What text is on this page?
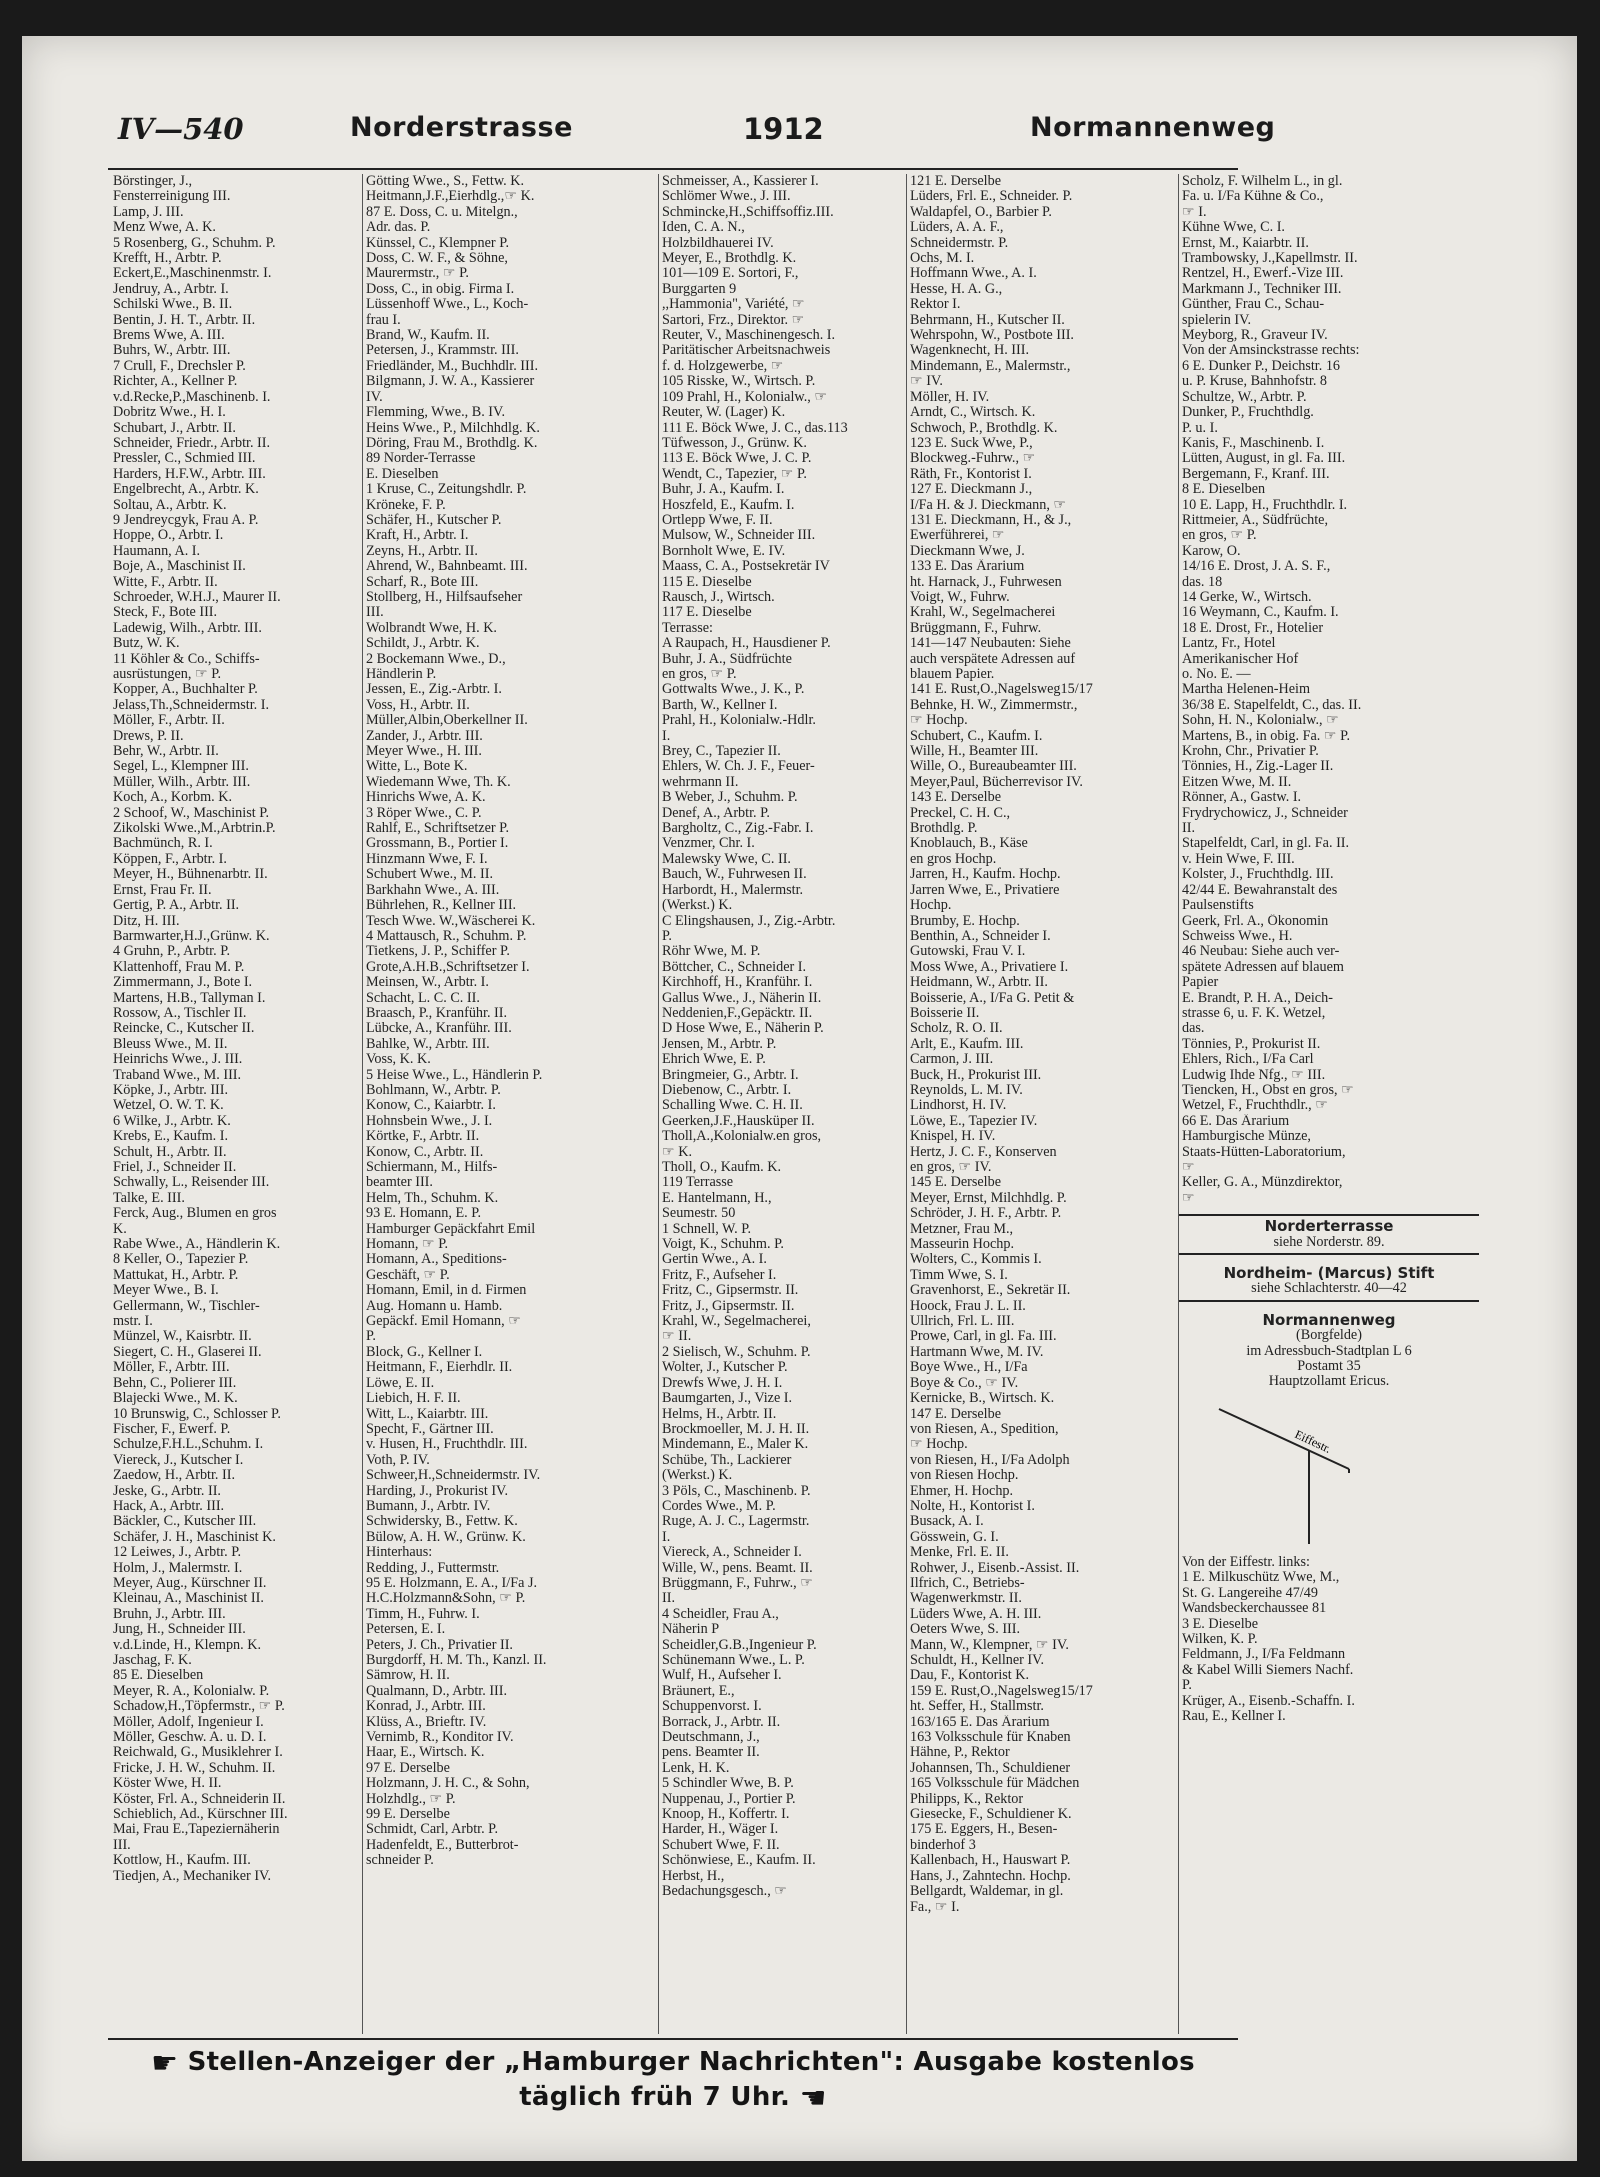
IV—540	Norderstrasse	1912	Normannenweg
Börstinger, J.,
Fensterreinigung III.
Lamp, J. III.
Menz Wwe, A. K.
5 Rosenberg, G., Schuhm. P.
Krefft, H., Arbtr. P.
Eckert,E.,Maschinenmstr. I.
Jendruy, A., Arbtr. I.
Schilski Wwe., B. II.
Bentin, J. H. T., Arbtr. II.
Brems Wwe, A. III.
Buhrs, W., Arbtr. III.
7 Crull, F., Drechsler P.
Richter, A., Kellner P.
v.d.Recke,P.,Maschinenb. I.
Dobritz Wwe., H. I.
Schubart, J., Arbtr. II.
Schneider, Friedr., Arbtr. II.
Pressler, C., Schmied III.
Harders, H.F.W., Arbtr. III.
Engelbrecht, A., Arbtr. K.
Soltau, A., Arbtr. K.
9 Jendreycgyk, Frau A. P.
Hoppe, O., Arbtr. I.
Haumann, A. I.
Boje, A., Maschinist II.
Witte, F., Arbtr. II.
Schroeder, W.H.J., Maurer II.
Steck, F., Bote III.
Ladewig, Wilh., Arbtr. III.
Butz, W. K.
11 Köhler & Co., Schiffs-
ausrüstungen, ☞ P.
Kopper, A., Buchhalter P.
Jelass,Th.,Schneidermstr. I.
Möller, F., Arbtr. II.
Drews, P. II.
Behr, W., Arbtr. II.
Segel, L., Klempner III.
Müller, Wilh., Arbtr. III.
Koch, A., Korbm. K.
2 Schoof, W., Maschinist P.
Zikolski Wwe.,M.,Arbtrin.P.
Bachmünch, R. I.
Köppen, F., Arbtr. I.
Meyer, H., Bühnenarbtr. II.
Ernst, Frau Fr. II.
Gertig, P. A., Arbtr. II.
Ditz, H. III.
Barmwarter,H.J.,Grünw. K.
4 Gruhn, P., Arbtr. P.
Klattenhoff, Frau M. P.
Zimmermann, J., Bote I.
Martens, H.B., Tallyman I.
Rossow, A., Tischler II.
Reincke, C., Kutscher II.
Bleuss Wwe., M. II.
Heinrichs Wwe., J. III.
Traband Wwe., M. III.
Köpke, J., Arbtr. III.
Wetzel, O. W. T. K.
6 Wilke, J., Arbtr. K.
Krebs, E., Kaufm. I.
Schult, H., Arbtr. II.
Friel, J., Schneider II.
Schwally, L., Reisender III.
Talke, E. III.
Ferck, Aug., Blumen en gros
K.
Rabe Wwe., A., Händlerin K.
8 Keller, O., Tapezier P.
Mattukat, H., Arbtr. P.
Meyer Wwe., B. I.
Gellermann, W., Tischler-
mstr. I.
Münzel, W., Kaisrbtr. II.
Siegert, C. H., Glaserei II.
Möller, F., Arbtr. III.
Behn, C., Polierer III.
Blajecki Wwe., M. K.
10 Brunswig, C., Schlosser P.
Fischer, F., Ewerf. P.
Schulze,F.H.L.,Schuhm. I.
Viereck, J., Kutscher I.
Zaedow, H., Arbtr. II.
Jeske, G., Arbtr. II.
Hack, A., Arbtr. III.
Bäckler, C., Kutscher III.
Schäfer, J. H., Maschinist K.
12 Leiwes, J., Arbtr. P.
Holm, J., Malermstr. I.
Meyer, Aug., Kürschner II.
Kleinau, A., Maschinist II.
Bruhn, J., Arbtr. III.
Jung, H., Schneider III.
v.d.Linde, H., Klempn. K.
Jaschag, F. K.
85 E. Dieselben
Meyer, R. A., Kolonialw. P.
Schadow,H.,Töpfermstr., ☞ P.
Möller, Adolf, Ingenieur I.
Möller, Geschw. A. u. D. I.
Reichwald, G., Musiklehrer I.
Fricke, J. H. W., Schuhm. II.
Köster Wwe, H. II.
Köster, Frl. A., Schneiderin II.
Schieblich, Ad., Kürschner III.
Mai, Frau E.,Tapeziernäherin
III.
Kottlow, H., Kaufm. III.
Tiedjen, A., Mechaniker IV.
Götting Wwe., S., Fettw. K.
Heitmann,J.F.,Eierhdlg.,☞ K.
87 E. Doss, C. u. Mitelgn.,
Adr. das. P.
Künssel, C., Klempner P.
Doss, C. W. F., & Söhne,
Maurermstr., ☞ P.
Doss, C., in obig. Firma I.
Lüssenhoff Wwe., L., Koch-
frau I.
Brand, W., Kaufm. II.
Petersen, J., Krammstr. III.
Friedländer, M., Buchhdlr. III.
Bilgmann, J. W. A., Kassierer
IV.
Flemming, Wwe., B. IV.
Heins Wwe., P., Milchhdlg. K.
Döring, Frau M., Brothdlg. K.
89 Norder-Terrasse
E. Dieselben
1 Kruse, C., Zeitungshdlr. P.
Kröneke, F. P.
Schäfer, H., Kutscher P.
Kraft, H., Arbtr. I.
Zeyns, H., Arbtr. II.
Ahrend, W., Bahnbeamt. III.
Scharf, R., Bote III.
Stollberg, H., Hilfsaufseher
III.
Wolbrandt Wwe, H. K.
Schildt, J., Arbtr. K.
2 Bockemann Wwe., D.,
Händlerin P.
Jessen, E., Zig.-Arbtr. I.
Voss, H., Arbtr. II.
Müller,Albin,Oberkellner II.
Zander, J., Arbtr. III.
Meyer Wwe., H. III.
Witte, L., Bote K.
Wiedemann Wwe, Th. K.
Hinrichs Wwe, A. K.
3 Röper Wwe., C. P.
Rahlf, E., Schriftsetzer P.
Grossmann, B., Portier I.
Hinzmann Wwe, F. I.
Schubert Wwe., M. II.
Barkhahn Wwe., A. III.
Bührlehen, R., Kellner III.
Tesch Wwe. W.,Wäscherei K.
4 Mattausch, R., Schuhm. P.
Tietkens, J. P., Schiffer P.
Grote,A.H.B.,Schriftsetzer I.
Meinsen, W., Arbtr. I.
Schacht, L. C. C. II.
Braasch, P., Kranführ. II.
Lübcke, A., Kranführ. III.
Bahlke, W., Arbtr. III.
Voss, K. K.
5 Heise Wwe., L., Händlerin P.
Bohlmann, W., Arbtr. P.
Konow, C., Kaiarbtr. I.
Hohnsbein Wwe., J. I.
Körtke, F., Arbtr. II.
Konow, C., Arbtr. II.
Schiermann, M., Hilfs-
beamter III.
Helm, Th., Schuhm. K.
93 E. Homann, E. P.
Hamburger Gepäckfahrt Emil
Homann, ☞ P.
Homann, A., Speditions-
Geschäft, ☞ P.
Homann, Emil, in d. Firmen
Aug. Homann u. Hamb.
Gepäckf. Emil Homann, ☞
P.
Block, G., Kellner I.
Heitmann, F., Eierhdlr. II.
Löwe, E. II.
Liebich, H. F. II.
Witt, L., Kaiarbtr. III.
Specht, F., Gärtner III.
v. Husen, H., Fruchthdlr. III.
Voth, P. IV.
Schweer,H.,Schneidermstr. IV.
Harding, J., Prokurist IV.
Bumann, J., Arbtr. IV.
Schwidersky, B., Fettw. K.
Bülow, A. H. W., Grünw. K.
Hinterhaus:
Redding, J., Futtermstr.
95 E. Holzmann, E. A., I/Fa J.
H.C.Holzmann&Sohn, ☞ P.
Timm, H., Fuhrw. I.
Petersen, E. I.
Peters, J. Ch., Privatier II.
Burgdorff, H. M. Th., Kanzl. II.
Sämrow, H. II.
Qualmann, D., Arbtr. III.
Konrad, J., Arbtr. III.
Klüss, A., Brieftr. IV.
Vernimb, R., Konditor IV.
Haar, E., Wirtsch. K.
97 E. Derselbe
Holzmann, J. H. C., & Sohn,
Holzhdlg., ☞ P.
99 E. Derselbe
Schmidt, Carl, Arbtr. P.
Hadenfeldt, E., Butterbrot-
schneider P.
Schmeisser, A., Kassierer I.
Schlömer Wwe., J. III.
Schmincke,H.,Schiffsoffiz.III.
Iden, C. A. N.,
Holzbildhauerei IV.
Meyer, E., Brothdlg. K.
101—109 E. Sortori, F.,
Burggarten 9
,,Hammonia", Variété, ☞
Sartori, Frz., Direktor. ☞
Reuter, V., Maschinengesch. I.
Paritätischer Arbeitsnachweis
f. d. Holzgewerbe, ☞
105 Risske, W., Wirtsch. P.
109 Prahl, H., Kolonialw., ☞
Reuter, W. (Lager) K.
111 E. Böck Wwe, J. C., das.113
Tüfwesson, J., Grünw. K.
113 E. Böck Wwe, J. C. P.
Wendt, C., Tapezier, ☞ P.
Buhr, J. A., Kaufm. I.
Hoszfeld, E., Kaufm. I.
Ortlepp Wwe, F. II.
Mulsow, W., Schneider III.
Bornholt Wwe, E. IV.
Maass, C. A., Postsekretär IV
115 E. Dieselbe
Rausch, J., Wirtsch.
117 E. Dieselbe
Terrasse:
A Raupach, H., Hausdiener P.
Buhr, J. A., Südfrüchte
en gros, ☞ P.
Gottwalts Wwe., J. K., P.
Barth, W., Kellner I.
Prahl, H., Kolonialw.-Hdlr.
I.
Brey, C., Tapezier II.
Ehlers, W. Ch. J. F., Feuer-
wehrmann II.
B Weber, J., Schuhm. P.
Denef, A., Arbtr. P.
Bargholtz, C., Zig.-Fabr. I.
Venzmer, Chr. I.
Malewsky Wwe, C. II.
Bauch, W., Fuhrwesen II.
Harbordt, H., Malermstr.
(Werkst.) K.
C Elingshausen, J., Zig.-Arbtr.
P.
Röhr Wwe, M. P.
Böttcher, C., Schneider I.
Kirchhoff, H., Kranführ. I.
Gallus Wwe., J., Näherin II.
Neddenien,F.,Gepäcktr. II.
D Hose Wwe, E., Näherin P.
Jensen, M., Arbtr. P.
Ehrich Wwe, E. P.
Bringmeier, G., Arbtr. I.
Diebenow, C., Arbtr. I.
Schalling Wwe. C. H. II.
Geerken,J.F.,Hausküper II.
Tholl,A.,Kolonialw.en gros,
☞ K.
Tholl, O., Kaufm. K.
119 Terrasse
E. Hantelmann, H.,
Seumestr. 50
1 Schnell, W. P.
Voigt, K., Schuhm. P.
Gertin Wwe., A. I.
Fritz, F., Aufseher I.
Fritz, C., Gipsermstr. II.
Fritz, J., Gipsermstr. II.
Krahl, W., Segelmacherei,
☞ II.
2 Sielisch, W., Schuhm. P.
Wolter, J., Kutscher P.
Drewfs Wwe, J. H. I.
Baumgarten, J., Vize I.
Helms, H., Arbtr. II.
Brockmoeller, M. J. H. II.
Mindemann, E., Maler K.
Schübe, Th., Lackierer
(Werkst.) K.
3 Pöls, C., Maschinenb. P.
Cordes Wwe., M. P.
Ruge, A. J. C., Lagermstr.
I.
Viereck, A., Schneider I.
Wille, W., pens. Beamt. II.
Brüggmann, F., Fuhrw., ☞
II.
4 Scheidler, Frau A.,
Näherin P
Scheidler,G.B.,Ingenieur P.
Schünemann Wwe., L. P.
Wulf, H., Aufseher I.
Bräunert, E.,
Schuppenvorst. I.
Borrack, J., Arbtr. II.
Deutschmann, J.,
pens. Beamter II.
Lenk, H. K.
5 Schindler Wwe, B. P.
Nuppenau, J., Portier P.
Knoop, H., Koffertr. I.
Harder, H., Wäger I.
Schubert Wwe, F. II.
Schönwiese, E., Kaufm. II.
Herbst, H.,
Bedachungsgesch., ☞
121 E. Derselbe
Lüders, Frl. E., Schneider. P.
Waldapfel, O., Barbier P.
Lüders, A. A. F.,
Schneidermstr. P.
Ochs, M. I.
Hoffmann Wwe., A. I.
Hesse, H. A. G.,
Rektor I.
Behrmann, H., Kutscher II.
Wehrspohn, W., Postbote III.
Wagenknecht, H. III.
Mindemann, E., Malermstr.,
☞ IV.
Möller, H. IV.
Arndt, C., Wirtsch. K.
Schwoch, P., Brothdlg. K.
123 E. Suck Wwe, P.,
Blockweg.-Fuhrw., ☞
Räth, Fr., Kontorist I.
127 E. Dieckmann J.,
I/Fa H. & J. Dieckmann, ☞
131 E. Dieckmann, H., & J.,
Ewerführerei, ☞
Dieckmann Wwe, J.
133 E. Das Ärarium
ht. Harnack, J., Fuhrwesen
Voigt, W., Fuhrw.
Krahl, W., Segelmacherei
Brüggmann, F., Fuhrw.
141—147 Neubauten: Siehe
auch verspätete Adressen auf
blauem Papier.
141 E. Rust,O.,Nagelsweg15/17
Behnke, H. W., Zimmermstr.,
☞ Hochp.
Schubert, C., Kaufm. I.
Wille, H., Beamter III.
Wille, O., Bureaubeamter III.
Meyer,Paul, Bücherrevisor IV.
143 E. Derselbe
Preckel, C. H. C.,
Brothdlg. P.
Knoblauch, B., Käse
en gros Hochp.
Jarren, H., Kaufm. Hochp.
Jarren Wwe, E., Privatiere
Hochp.
Brumby, E. Hochp.
Benthin, A., Schneider I.
Gutowski, Frau V. I.
Moss Wwe, A., Privatiere I.
Heidmann, W., Arbtr. II.
Boisserie, A., I/Fa G. Petit &
Boisserie II.
Scholz, R. O. II.
Arlt, E., Kaufm. III.
Carmon, J. III.
Buck, H., Prokurist III.
Reynolds, L. M. IV.
Lindhorst, H. IV.
Löwe, E., Tapezier IV.
Knispel, H. IV.
Hertz, J. C. F., Konserven
en gros, ☞ IV.
145 E. Derselbe
Meyer, Ernst, Milchhdlg. P.
Schröder, J. H. F., Arbtr. P.
Metzner, Frau M.,
Masseurin Hochp.
Wolters, C., Kommis I.
Timm Wwe, S. I.
Gravenhorst, E., Sekretär II.
Hoock, Frau J. L. II.
Ullrich, Frl. L. III.
Prowe, Carl, in gl. Fa. III.
Hartmann Wwe, M. IV.
Boye Wwe., H., I/Fa
Boye & Co., ☞ IV.
Kernicke, B., Wirtsch. K.
147 E. Derselbe
von Riesen, A., Spedition,
☞ Hochp.
von Riesen, H., I/Fa Adolph
von Riesen Hochp.
Ehmer, H. Hochp.
Nolte, H., Kontorist I.
Busack, A. I.
Gösswein, G. I.
Menke, Frl. E. II.
Rohwer, J., Eisenb.-Assist. II.
Ilfrich, C., Betriebs-
Wagenwerkmstr. II.
Lüders Wwe, A. H. III.
Oeters Wwe, S. III.
Mann, W., Klempner, ☞ IV.
Schuldt, H., Kellner IV.
Dau, F., Kontorist K.
159 E. Rust,O.,Nagelsweg15/17
ht. Seffer, H., Stallmstr.
163/165 E. Das Ärarium
163 Volksschule für Knaben
Hähne, P., Rektor
Johannsen, Th., Schuldiener
165 Volksschule für Mädchen
Philipps, K., Rektor
Giesecke, F., Schuldiener K.
175 E. Eggers, H., Besen-
binderhof 3
Kallenbach, H., Hauswart P.
Hans, J., Zahntechn. Hochp.
Bellgardt, Waldemar, in gl.
Fa., ☞ I.
Scholz, F. Wilhelm L., in gl.
Fa. u. I/Fa Kühne & Co.,
☞ I.
Kühne Wwe, C. I.
Ernst, M., Kaiarbtr. II.
Trambowsky, J.,Kapellmstr. II.
Rentzel, H., Ewerf.-Vize III.
Markmann J., Techniker III.
Günther, Frau C., Schau-
spielerin IV.
Meyborg, R., Graveur IV.
Von der Amsinckstrasse rechts:
6 E. Dunker P., Deichstr. 16
u. P. Kruse, Bahnhofstr. 8
Schultze, W., Arbtr. P.
Dunker, P., Fruchthdlg.
P. u. I.
Kanis, F., Maschinenb. I.
Lütten, August, in gl. Fa. III.
Bergemann, F., Kranf. III.
8 E. Dieselben
10 E. Lapp, H., Fruchthdlr. I.
Rittmeier, A., Südfrüchte,
en gros, ☞ P.
Karow, O.
14/16 E. Drost, J. A. S. F.,
das. 18
14 Gerke, W., Wirtsch.
16 Weymann, C., Kaufm. I.
18 E. Drost, Fr., Hotelier
Lantz, Fr., Hotel
Amerikanischer Hof
o. No. E. —
Martha Helenen-Heim
36/38 E. Stapelfeldt, C., das. II.
Sohn, H. N., Kolonialw., ☞
Martens, B., in obig. Fa. ☞ P.
Krohn, Chr., Privatier P.
Tönnies, H., Zig.-Lager II.
Eitzen Wwe, M. II.
Rönner, A., Gastw. I.
Frydrychowicz, J., Schneider
II.
Stapelfeldt, Carl, in gl. Fa. II.
v. Hein Wwe, F. III.
Kolster, J., Fruchthdlg. III.
42/44 E. Bewahranstalt des
Paulsenstifts
Geerk, Frl. A., Ökonomin
Schweiss Wwe., H.
46 Neubau: Siehe auch ver-
spätete Adressen auf blauem
Papier
E. Brandt, P. H. A., Deich-
strasse 6, u. F. K. Wetzel,
das.
Tönnies, P., Prokurist II.
Ehlers, Rich., I/Fa Carl
Ludwig Ihde Nfg., ☞ III.
Tiencken, H., Obst en gros, ☞
Wetzel, F., Fruchthdlr., ☞
66 E. Das Ärarium
Hamburgische Münze,
Staats-Hütten-Laboratorium,
☞
Keller, G. A., Münzdirektor,
☞
Norderterrasse
siehe Norderstr. 89.
Nordheim- (Marcus) Stift
siehe Schlachterstr. 40—42
Normannenweg
(Borgfelde)
im Adressbuch-Stadtplan L 6
Postamt 35
Hauptzollamt Ericus.
Eiffestr.
Von der Eiffestr. links:
1 E. Milkuschütz Wwe, M.,
St. G. Langereihe 47/49
Wandsbeckerchaussee 81
3 E. Dieselbe
Wilken, K. P.
Feldmann, J., I/Fa Feldmann
& Kabel Willi Siemers Nachf.
P.
Krüger, A., Eisenb.-Schaffn. I.
Rau, E., Kellner I.
☛ Stellen-Anzeiger der „Hamburger Nachrichten": Ausgabe kostenlos täglich früh 7 Uhr. ☚
